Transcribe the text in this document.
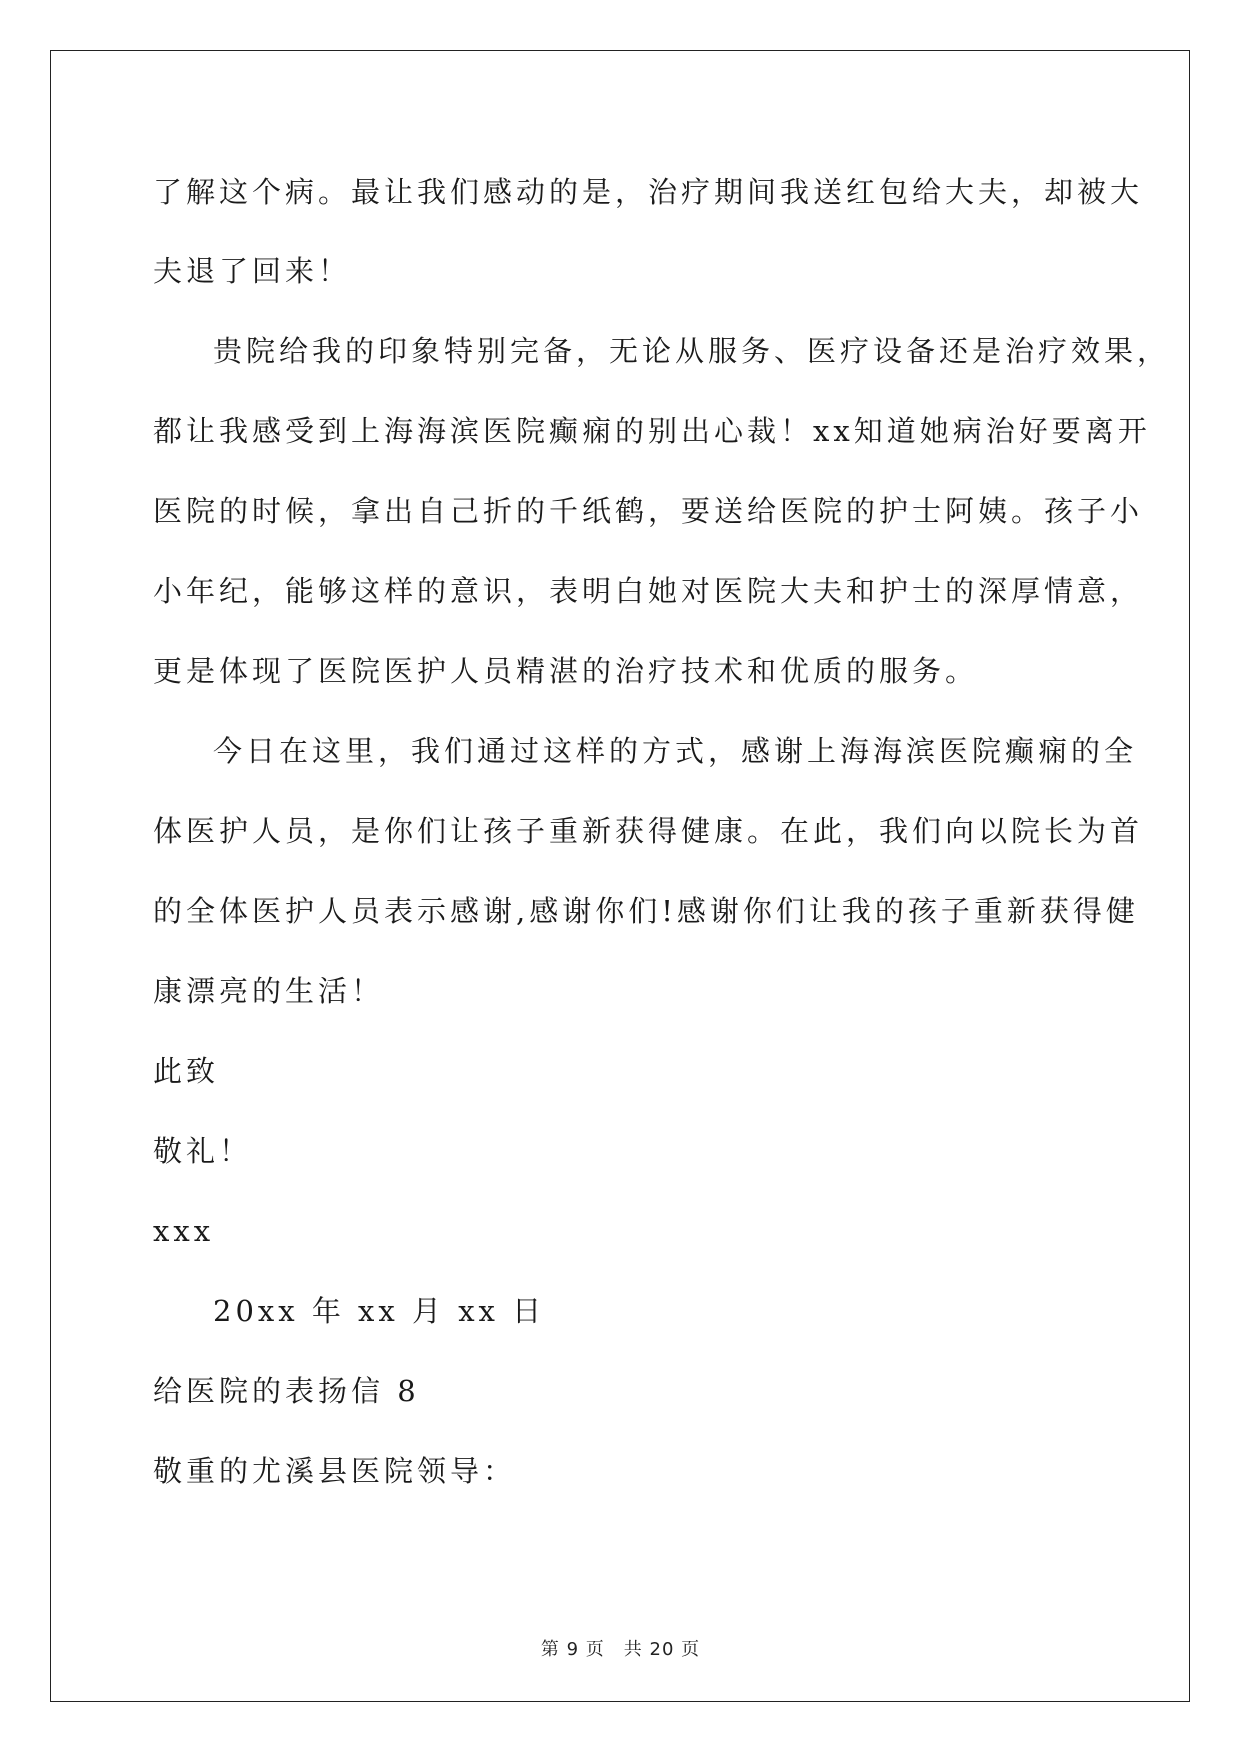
了解这个病。最让我们感动的是，治疗期间我送红包给大夫，却被大
夫退了回来！
贵院给我的印象特别完备，无论从服务、医疗设备还是治疗效果，
都让我感受到上海海滨医院癫痫的别出心裁！xx知道她病治好要离开
医院的时候，拿出自己折的千纸鹤，要送给医院的护士阿姨。孩子小
小年纪，能够这样的意识，表明白她对医院大夫和护士的深厚情意，
更是体现了医院医护人员精湛的治疗技术和优质的服务。
今日在这里，我们通过这样的方式，感谢上海海滨医院癫痫的全
体医护人员，是你们让孩子重新获得健康。在此，我们向以院长为首
的全体医护人员表示感谢,感谢你们!感谢你们让我的孩子重新获得健
康漂亮的生活！
此致
敬礼！
xxx
20xx 年 xx 月 xx 日
给医院的表扬信 8
敬重的尤溪县医院领导：
第 9 页　共 20 页
